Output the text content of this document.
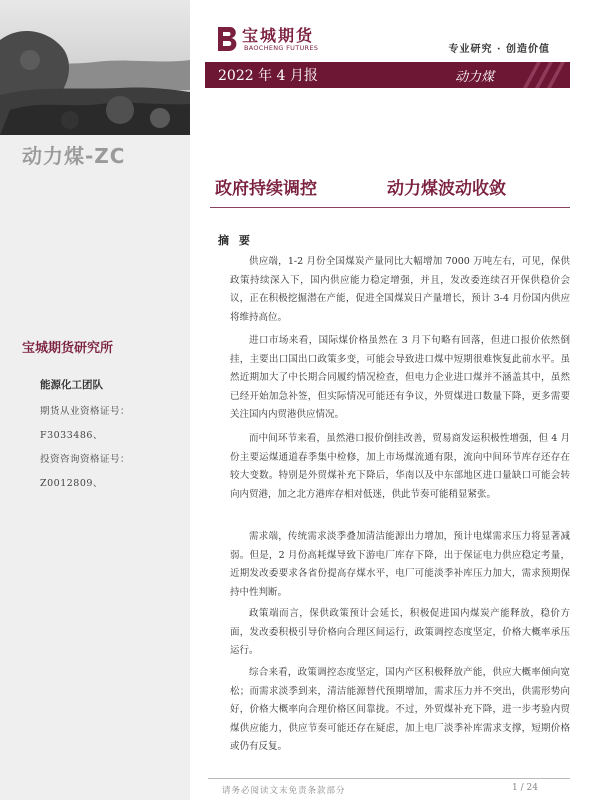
动力煤-ZC
宝城期货研究所
能源化工团队
期货从业资格证号：
F3033486、
投资咨询资格证号：
Z0012809、
宝城期货
BAOCHENG FUTURES	专业研究 · 创造价值
2022 年 4 月报	动力煤
政府持续调控	动力煤波动收敛
摘 要

供应端，1-2 月份全国煤炭产量同比大幅增加 7000 万吨左右，可见，保供政策持续深入下，国内供应能力稳定增强，并且，发改委连续召开保供稳价会议，正在积极挖掘潜在产能，促进全国煤炭日产量增长，预计 3-4 月份国内供应将维持高位。

进口市场来看，国际煤价格虽然在 3 月下旬略有回落，但进口报价依然倒挂，主要出口国出口政策多变，可能会导致进口煤中短期很难恢复此前水平。虽然近期加大了中长期合同履约情况检查，但电力企业进口煤并不涵盖其中，虽然已经开始加急补签，但实际情况可能还有争议，外贸煤进口数量下降，更多需要关注国内内贸港供应情况。

而中间环节来看，虽然港口报价倒挂改善，贸易商发运积极性增强，但 4 月份主要运煤通道春季集中检修，加上市场煤流通有限，流向中间环节库存还存在较大变数。特别是外贸煤补充下降后，华南以及中东部地区进口量缺口可能会转向内贸港，加之北方港库存相对低迷，供此节奏可能稍显紧张。

需求端，传统需求淡季叠加清洁能源出力增加，预计电煤需求压力将显著减弱。但是，2 月份高耗煤导致下游电厂库存下降，出于保证电力供应稳定考量，近期发改委要求各省份提高存煤水平，电厂可能淡季补库压力加大，需求预期保持中性判断。

政策端而言，保供政策预计会延长，积极促进国内煤炭产能释放，稳价方面，发改委积极引导价格向合理区间运行，政策调控态度坚定，价格大概率承压运行。

综合来看，政策调控态度坚定，国内产区积极释放产能，供应大概率倾向宽松；而需求淡季到来，清洁能源替代预期增加，需求压力并不突出，供需形势向好，价格大概率向合理价格区间靠拢。不过，外贸煤补充下降，进一步考验内贸煤供应能力，供应节奏可能还存在疑虑，加上电厂淡季补库需求支撑，短期价格或仍有反复。

请务必阅读文末免责条款部分	1 / 24
